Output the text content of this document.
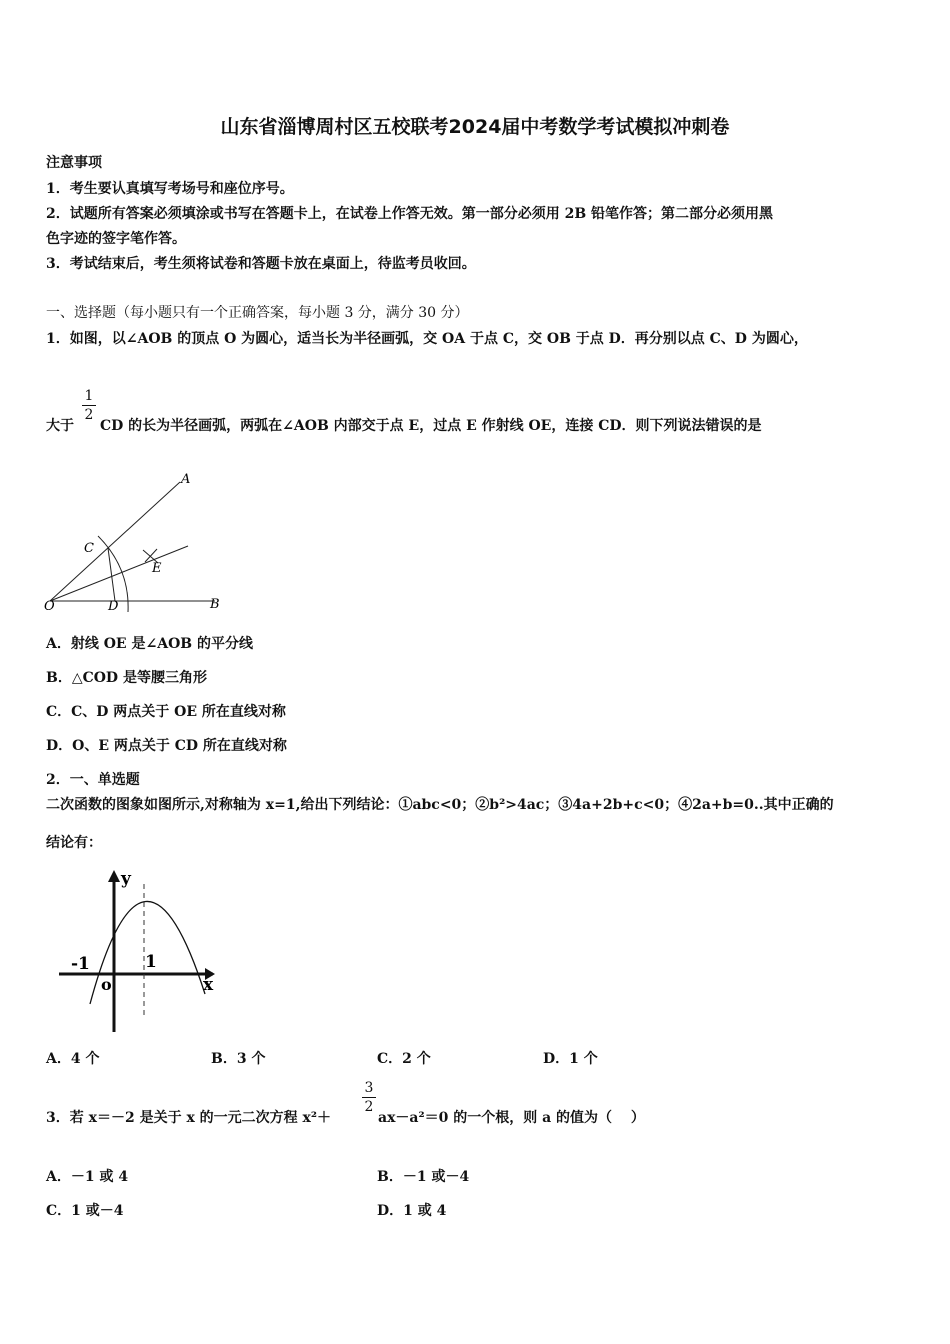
山东省淄博周村区五校联考2024届中考数学考试模拟冲刺卷
注意事项
1．考生要认真填写考场号和座位序号。
2．试题所有答案必须填涂或书写在答题卡上，在试卷上作答无效。第一部分必须用 2B 铅笔作答；第二部分必须用黑
色字迹的签字笔作答。
3．考试结束后，考生须将试卷和答题卡放在桌面上，待监考员收回。
一、选择题（每小题只有一个正确答案，每小题 3 分，满分 30 分）
1．如图，以∠AOB 的顶点 O 为圆心，适当长为半径画弧，交 OA 于点 C，交 OB 于点 D．再分别以点 C、D 为圆心，
大于
1
2
CD 的长为半径画弧，两弧在∠AOB 内部交于点 E，过点 E 作射线 OE，连接 CD．则下列说法错误的是
A
B
C
D
E
O
A．射线 OE 是∠AOB 的平分线
B．△COD 是等腰三角形
C．C、D 两点关于 OE 所在直线对称
D．O、E 两点关于 CD 所在直线对称
2．一、单选题
二次函数的图象如图所示,对称轴为 x=1,给出下列结论：①abc<0；②b²>4ac；③4a+2b+c<0；④2a+b=0..其中正确的
结论有：
y
x
-1	1
o
A．4 个	B．3 个	C．2 个	D．1 个
3．若 x＝－2 是关于 x 的一元二次方程 x²＋
3
2
ax－a²＝0 的一个根，则 a 的值为（　 ）
A．－1 或 4	B．－1 或－4
C．1 或－4	D．1 或 4
